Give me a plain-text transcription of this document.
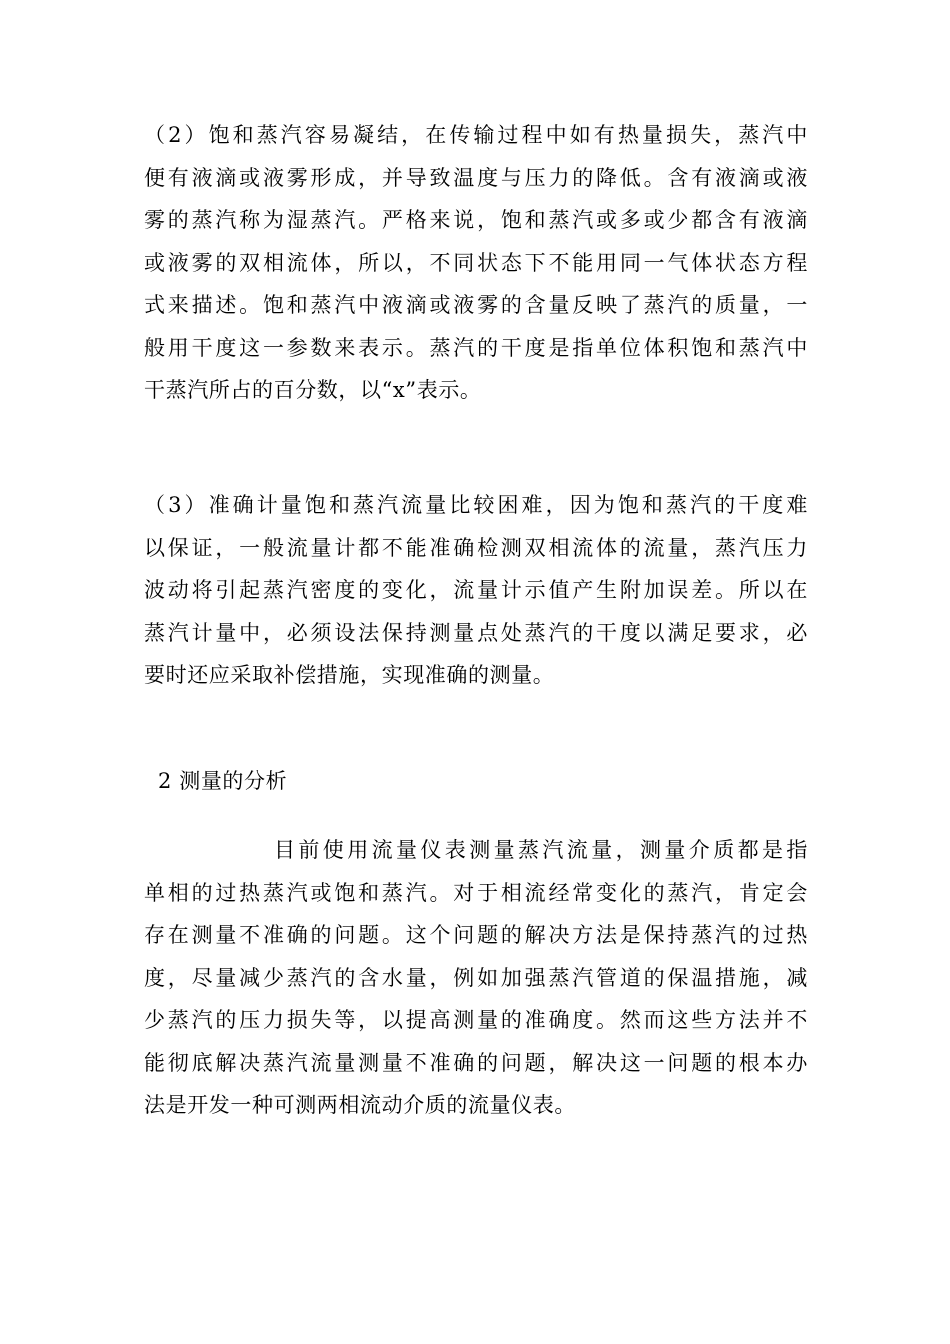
（2）饱和蒸汽容易凝结，在传输过程中如有热量损失，蒸汽中
便有液滴或液雾形成，并导致温度与压力的降低。含有液滴或液
雾的蒸汽称为湿蒸汽。严格来说，饱和蒸汽或多或少都含有液滴
或液雾的双相流体，所以，不同状态下不能用同一气体状态方程
式来描述。饱和蒸汽中液滴或液雾的含量反映了蒸汽的质量，一
般用干度这一参数来表示。蒸汽的干度是指单位体积饱和蒸汽中
干蒸汽所占的百分数，以“x”表示。
（3）准确计量饱和蒸汽流量比较困难，因为饱和蒸汽的干度难
以保证，一般流量计都不能准确检测双相流体的流量，蒸汽压力
波动将引起蒸汽密度的变化，流量计示值产生附加误差。所以在
蒸汽计量中，必须设法保持测量点处蒸汽的干度以满足要求，必
要时还应采取补偿措施，实现准确的测量。
2 测量的分析
目前使用流量仪表测量蒸汽流量，测量介质都是指
单相的过热蒸汽或饱和蒸汽。对于相流经常变化的蒸汽，肯定会
存在测量不准确的问题。这个问题的解决方法是保持蒸汽的过热
度，尽量减少蒸汽的含水量，例如加强蒸汽管道的保温措施，减
少蒸汽的压力损失等，以提高测量的准确度。然而这些方法并不
能彻底解决蒸汽流量测量不准确的问题，解决这一问题的根本办
法是开发一种可测两相流动介质的流量仪表。
